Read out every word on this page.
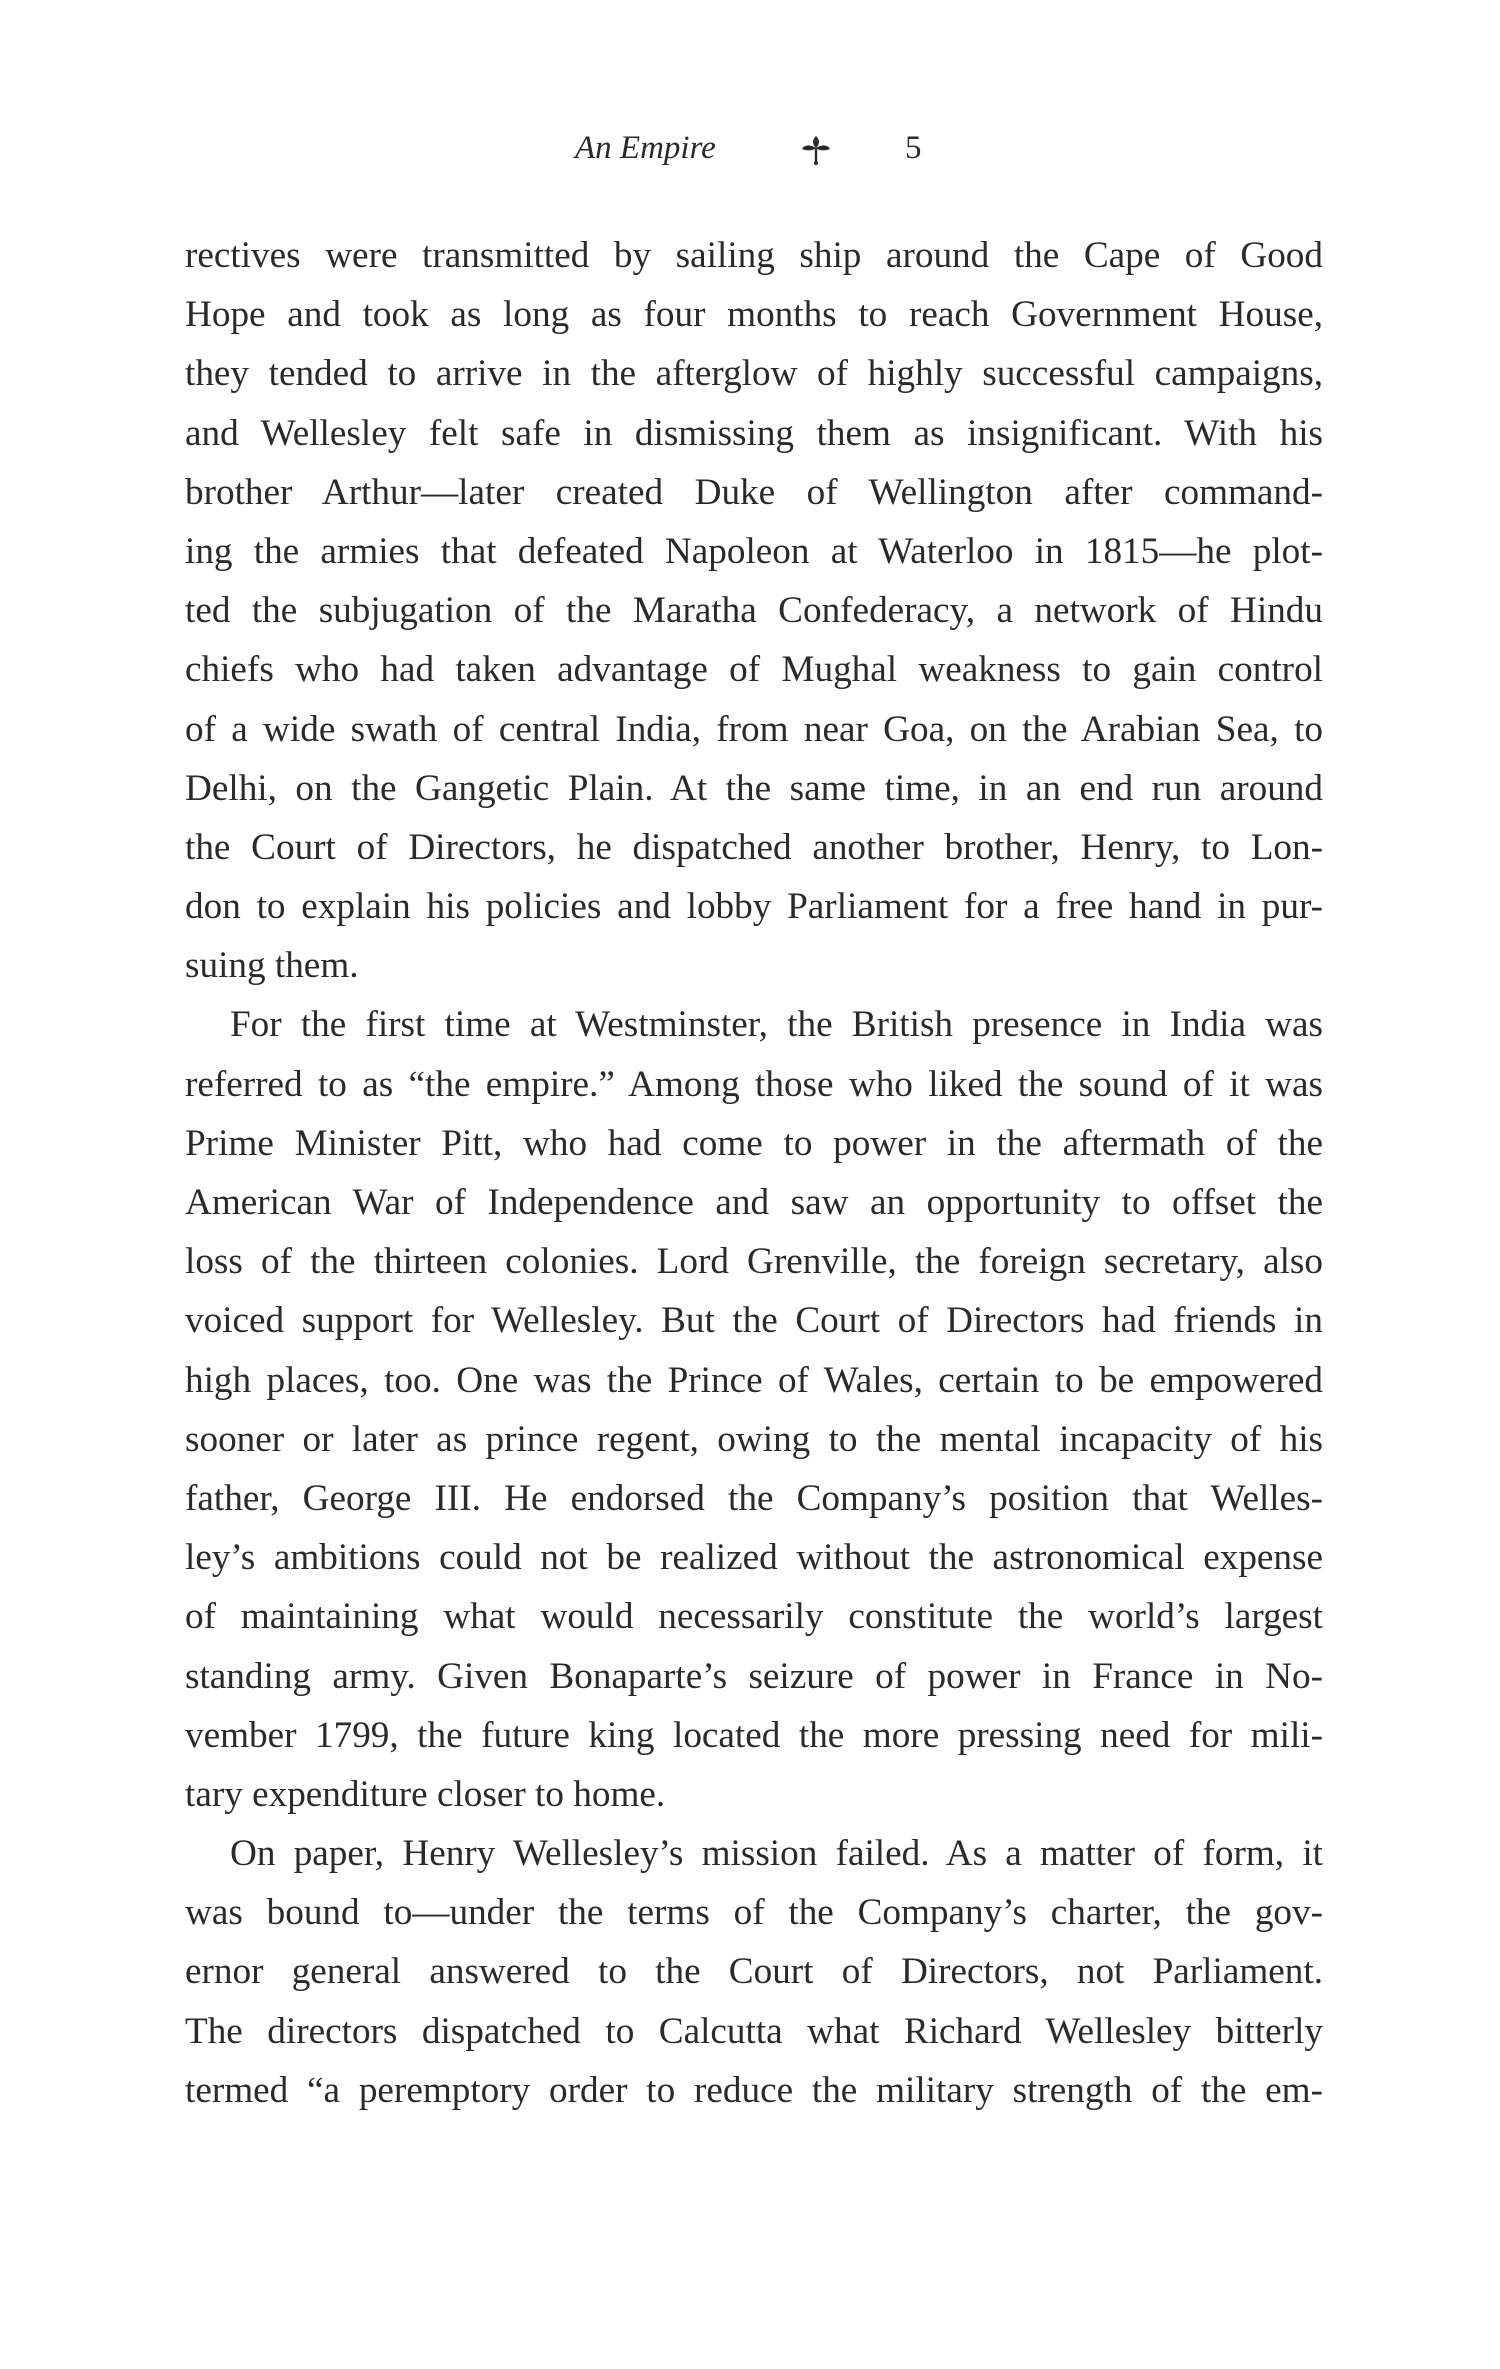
An Empire	5
rectives were transmitted by sailing ship around the Cape of Good
Hope and took as long as four months to reach Government House,
they tended to arrive in the afterglow of highly successful campaigns,
and Wellesley felt safe in dismissing them as insignificant. With his
brother Arthur—later created Duke of Wellington after command-
ing the armies that defeated Napoleon at Waterloo in 1815—he plot-
ted the subjugation of the Maratha Confederacy, a network of Hindu
chiefs who had taken advantage of Mughal weakness to gain control
of a wide swath of central India, from near Goa, on the Arabian Sea, to
Delhi, on the Gangetic Plain. At the same time, in an end run around
the Court of Directors, he dispatched another brother, Henry, to Lon-
don to explain his policies and lobby Parliament for a free hand in pur-
suing them.
For the first time at Westminster, the British presence in India was
referred to as “the empire.” Among those who liked the sound of it was
Prime Minister Pitt, who had come to power in the aftermath of the
American War of Independence and saw an opportunity to offset the
loss of the thirteen colonies. Lord Grenville, the foreign secretary, also
voiced support for Wellesley. But the Court of Directors had friends in
high places, too. One was the Prince of Wales, certain to be empowered
sooner or later as prince regent, owing to the mental incapacity of his
father, George III. He endorsed the Company’s position that Welles-
ley’s ambitions could not be realized without the astronomical expense
of maintaining what would necessarily constitute the world’s largest
standing army. Given Bonaparte’s seizure of power in France in No-
vember 1799, the future king located the more pressing need for mili-
tary expenditure closer to home.
On paper, Henry Wellesley’s mission failed. As a matter of form, it
was bound to—under the terms of the Company’s charter, the gov-
ernor general answered to the Court of Directors, not Parliament.
The directors dispatched to Calcutta what Richard Wellesley bitterly
termed “a peremptory order to reduce the military strength of the em-
